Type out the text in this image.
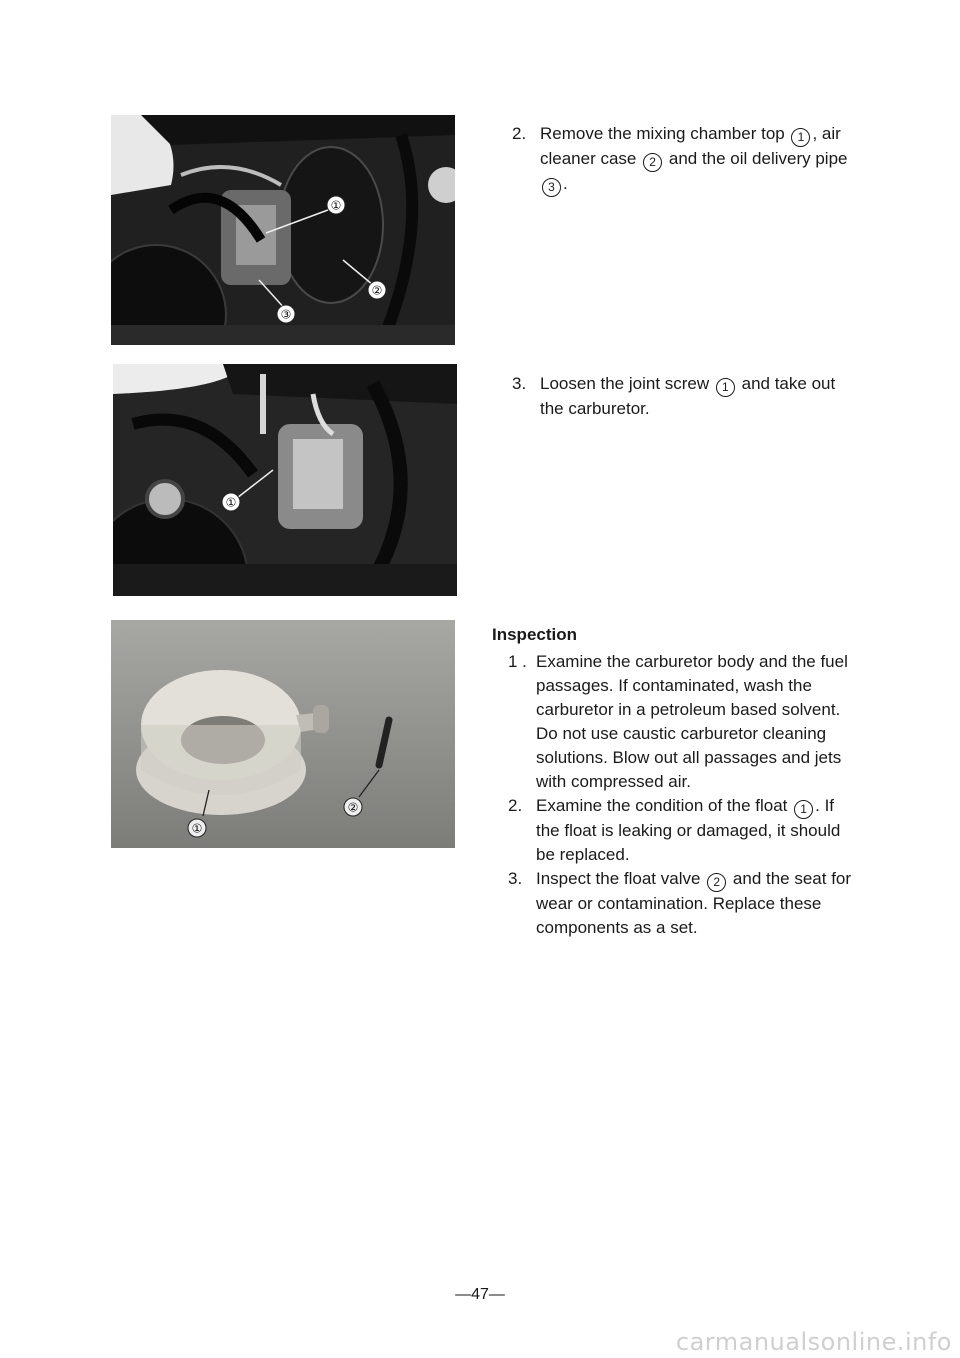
①
②
③
2. Remove the mixing chamber top 1 , air cleaner case 2 and the oil delivery pipe 3 .
①
3. Loosen the joint screw 1 and take out the carburetor.
①
②
Inspection
1 . Examine the carburetor body and the fuel passages. If contaminated, wash the carburetor in a petroleum based solvent. Do not use caustic carburetor cleaning solutions. Blow out all passages and jets with compressed air.
2. Examine the condition of the float 1 . If the float is leaking or damaged, it should be replaced.
3. Inspect the float valve 2 and the seat for wear or contamination. Replace these components as a set.
—47—
carmanualsonline.info
